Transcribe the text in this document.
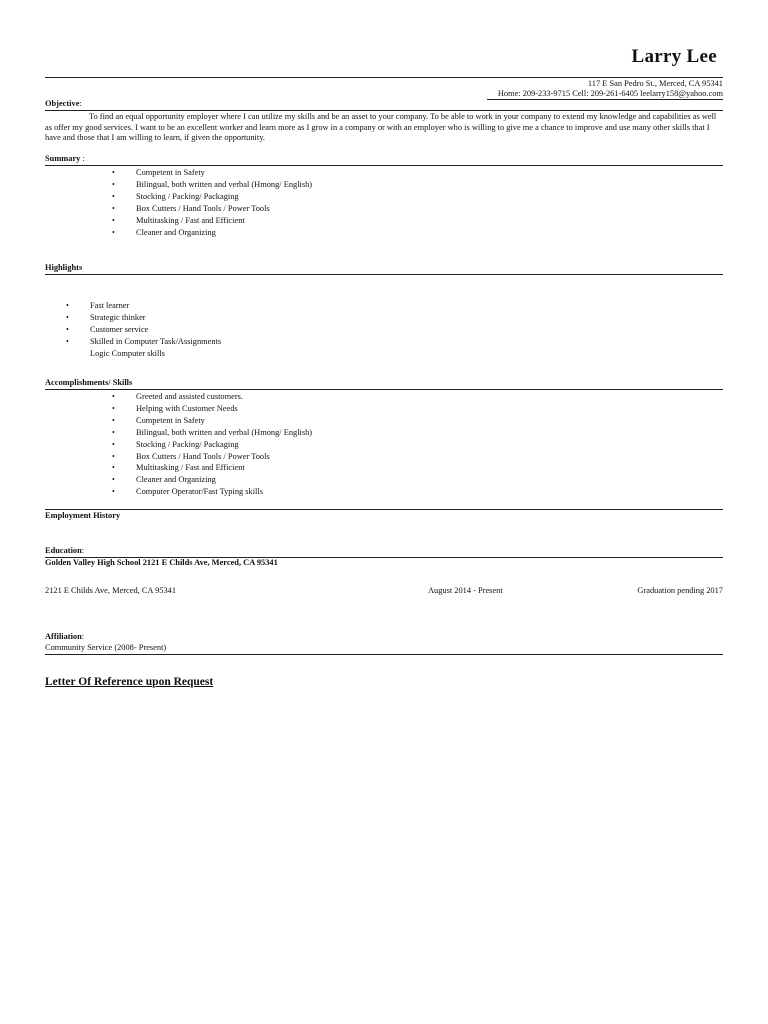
Larry Lee
117 E San Pedro St., Merced, CA 95341
Home: 209-233-9715 Cell: 209-261-6405 leelarry158@yahoo.com
Objective:
To find an equal opportunity employer where I can utilize my skills and be an asset to your company. To be able to work in your company to extend my knowledge and capabilities as well as offer my good services. I want to be an excellent worker and learn more as I grow in a company or with an employer who is willing to give me a chance to improve and use many other skills that I have and those that I am willing to learn, if given the opportunity.
Summary :
•	Competent in Safety
•	Bilingual, both written and verbal (Hmong/ English)
•	Stocking / Packing/ Packaging
•	Box Cutters / Hand Tools / Power Tools
•	Multitasking / Fast and Efficient
•	Cleaner and Organizing
Highlights
•	Fast learner
•	Strategic thinker
•	Customer service
•	Skilled in Computer Task/Assignments
Logic Computer skills
Accomplishments/ Skills
•	Greeted and assisted customers.
•	Helping with Customer Needs
•	Competent in Safety
•	Bilingual, both written and verbal (Hmong/ English)
•	Stocking / Packing/ Packaging
•	Box Cutters / Hand Tools / Power Tools
•	Multitasking / Fast and Efficient
•	Cleaner and Organizing
•	Computer Operator/Fast Typing skills
Employment History
Education:
Golden Valley High School 2121 E Childs Ave, Merced, CA 95341
2121 E Childs Ave, Merced, CA 95341	August 2014 - Present	Graduation pending 2017
Affiliation:
Community Service (2008- Present)
Letter Of Reference upon Request
